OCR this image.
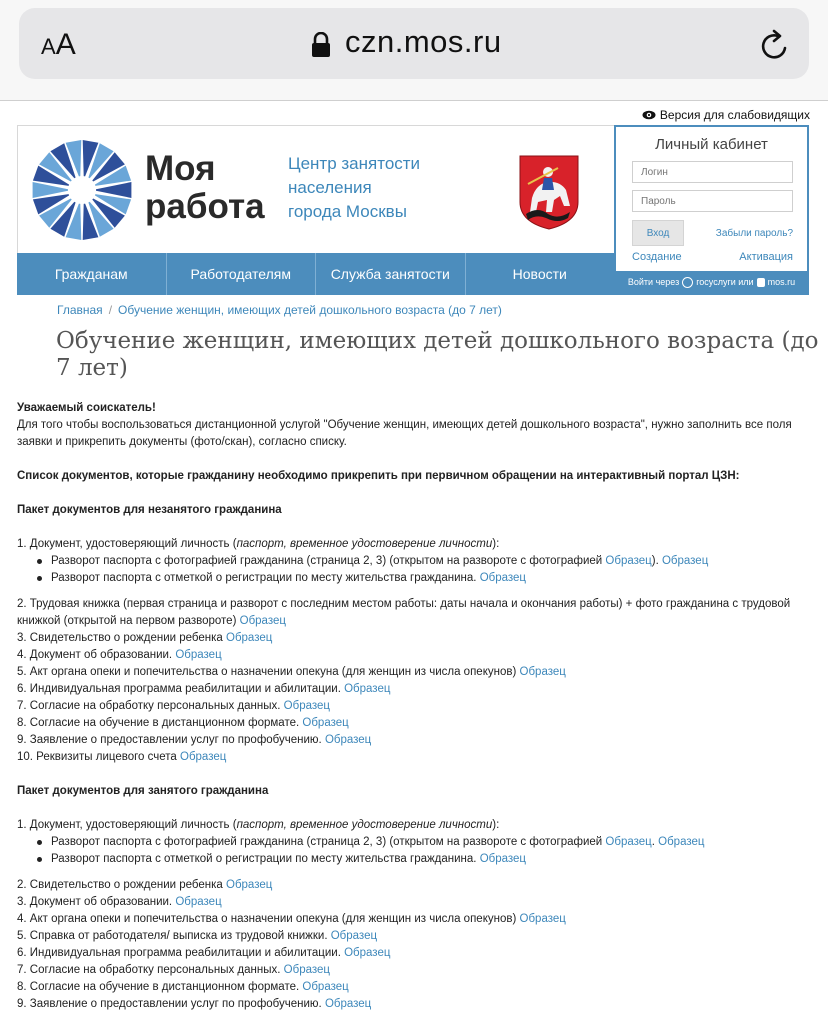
AA	czn.mos.ru
Версия для слабовидящих
Моя
работа
Центр занятости
населения
города Москвы
Гражданам	Работодателям	Служба занятости	Новости
Личный кабинет
Логин
Пароль
Вход	Забыли пароль?
Создание	Активация
Войти через госуслуги или mos.ru
Главная / Обучение женщин, имеющих детей дошкольного возраста (до 7 лет)
Обучение женщин, имеющих детей дошкольного возраста (до 7 лет)

Уважаемый соискатель!

Для того чтобы воспользоваться дистанционной услугой "Обучение женщин, имеющих детей дошкольного возраста", нужно заполнить все поля заявки и прикрепить документы (фото/скан), согласно списку.

Список документов, которые гражданину необходимо прикрепить при первичном обращении на интерактивный портал ЦЗН:

Пакет документов для незанятого гражданина

1. Документ, удостоверяющий личность (паспорт, временное удостоверение личности):

Разворот паспорта с фотографией гражданина (страница 2, 3) (открытом на развороте с фотографией Образец). Образец
Разворот паспорта с отметкой о регистрации по месту жительства гражданина. Образец

2. Трудовая книжка (первая страница и разворот с последним местом работы: даты начала и окончания работы) + фото гражданина с трудовой книжкой (открытой на первом развороте) Образец

3. Свидетельство о рождении ребенка Образец

4. Документ об образовании. Образец

5. Акт органа опеки и попечительства о назначении опекуна (для женщин из числа опекунов) Образец

6. Индивидуальная программа реабилитации и абилитации. Образец

7. Согласие на обработку персональных данных. Образец

8. Согласие на обучение в дистанционном формате. Образец

9. Заявление о предоставлении услуг по профобучению. Образец

10. Реквизиты лицевого счета Образец

Пакет документов для занятого гражданина

1. Документ, удостоверяющий личность (паспорт, временное удостоверение личности):

Разворот паспорта с фотографией гражданина (страница 2, 3) (открытом на развороте с фотографией Образец. Образец
Разворот паспорта с отметкой о регистрации по месту жительства гражданина. Образец

2. Свидетельство о рождении ребенка Образец

3. Документ об образовании. Образец

4. Акт органа опеки и попечительства о назначении опекуна (для женщин из числа опекунов) Образец

5. Справка от работодателя/ выписка из трудовой книжки. Образец

6. Индивидуальная программа реабилитации и абилитации. Образец

7. Согласие на обработку персональных данных. Образец

8. Согласие на обучение в дистанционном формате. Образец

9. Заявление о предоставлении услуг по профобучению. Образец
